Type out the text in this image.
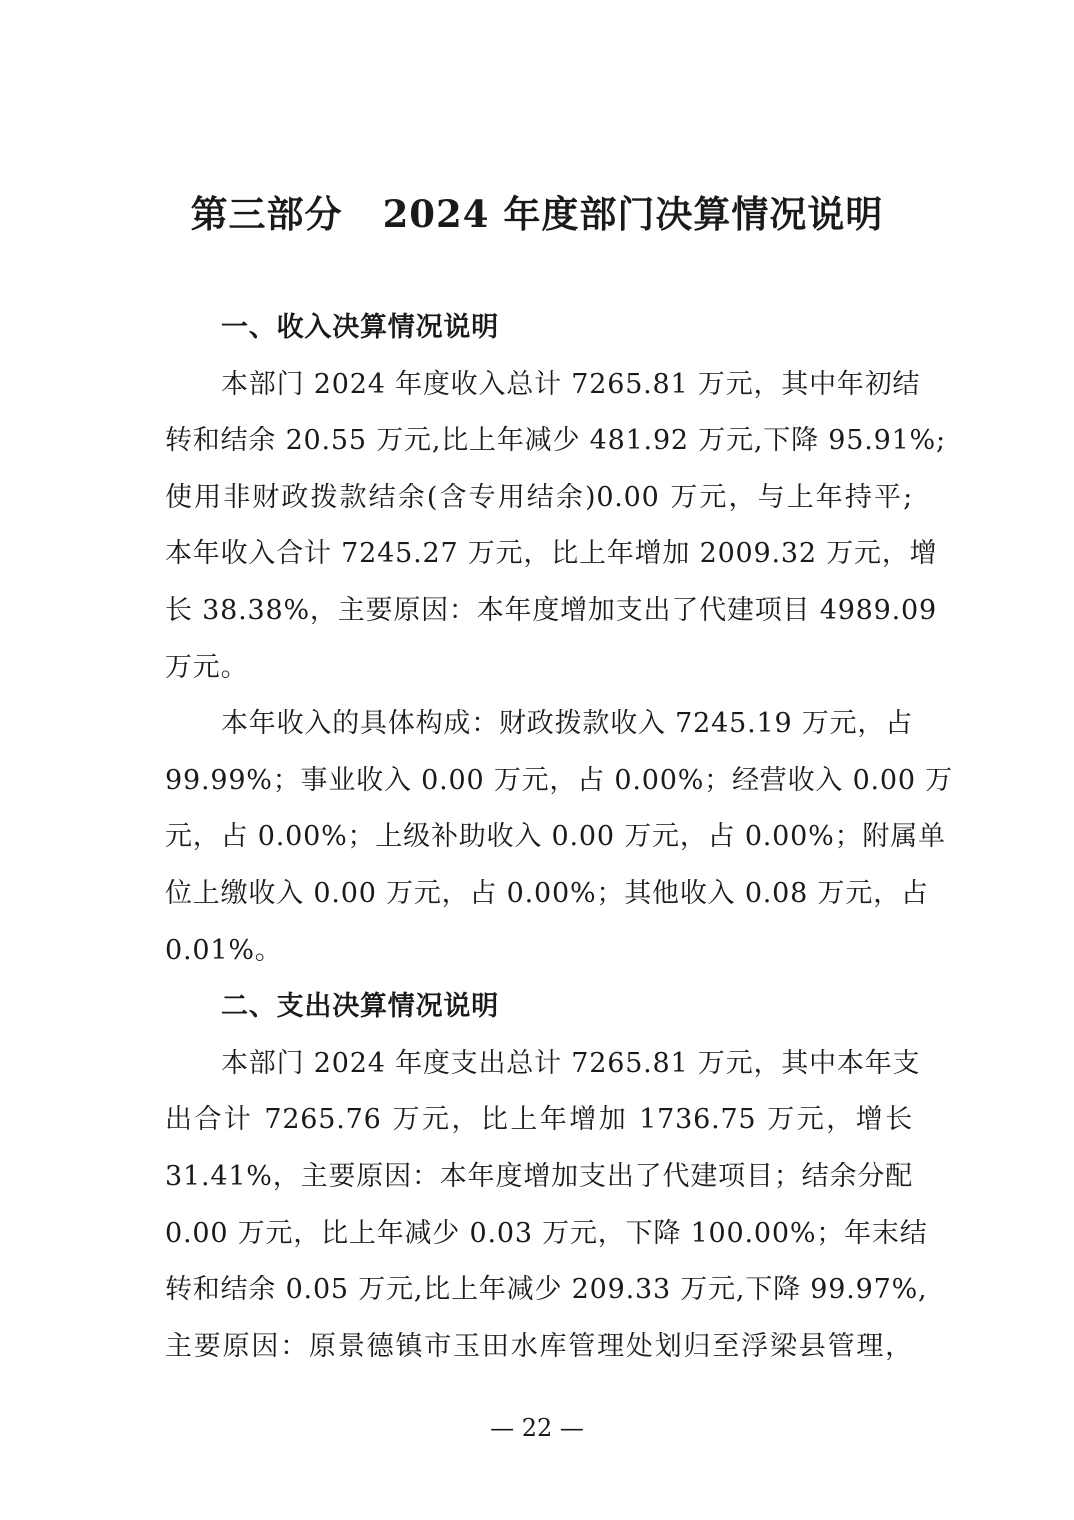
第三部分 2024 年度部门决算情况说明

一、收入决算情况说明

本部门 2024 年度收入总计 7265.81 万元，其中年初结
转和结余 20.55 万元,比上年减少 481.92 万元,下降 95.91%;
使用非财政拨款结余(含专用结余)0.00 万元，与上年持平;
本年收入合计 7245.27 万元，比上年增加 2009.32 万元，增
长 38.38%，主要原因：本年度增加支出了代建项目 4989.09
万元。

本年收入的具体构成：财政拨款收入 7245.19 万元，占
99.99%；事业收入 0.00 万元，占 0.00%；经营收入 0.00 万
元，占 0.00%；上级补助收入 0.00 万元，占 0.00%；附属单
位上缴收入 0.00 万元，占 0.00%；其他收入 0.08 万元，占
0.01%。

二、支出决算情况说明

本部门 2024 年度支出总计 7265.81 万元，其中本年支
出合计 7265.76 万元，比上年增加 1736.75 万元，增长
31.41%，主要原因：本年度增加支出了代建项目；结余分配
0.00 万元，比上年减少 0.03 万元，下降 100.00%；年末结
转和结余 0.05 万元,比上年减少 209.33 万元,下降 99.97%,
主要原因：原景德镇市玉田水库管理处划归至浮梁县管理，

— 22 —
